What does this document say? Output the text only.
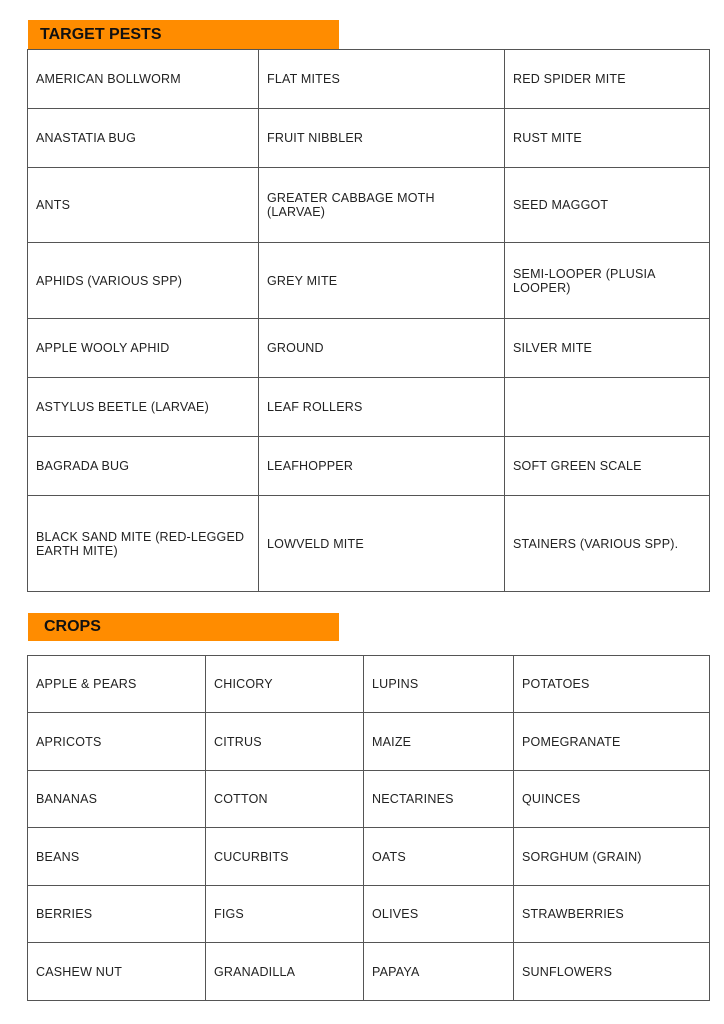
TARGET PESTS
AMERICAN BOLLWORM	FLAT MITES	RED SPIDER MITE
ANASTATIA BUG	FRUIT NIBBLER	RUST MITE
ANTS	GREATER CABBAGE MOTH (LARVAE)	SEED MAGGOT
APHIDS (VARIOUS SPP)	GREY MITE	SEMI-LOOPER (PLUSIA LOOPER)
APPLE WOOLY APHID	GROUND	SILVER MITE
ASTYLUS BEETLE (LARVAE)	LEAF ROLLERS	
BAGRADA BUG	LEAFHOPPER	SOFT GREEN SCALE
BLACK SAND MITE (RED-LEGGED EARTH MITE)	LOWVELD MITE	STAINERS (VARIOUS SPP).
CROPS
APPLE & PEARS	CHICORY	LUPINS	POTATOES
APRICOTS	CITRUS	MAIZE	POMEGRANATE
BANANAS	COTTON	NECTARINES	QUINCES
BEANS	CUCURBITS	OATS	SORGHUM (GRAIN)
BERRIES	FIGS	OLIVES	STRAWBERRIES
CASHEW NUT	GRANADILLA	PAPAYA	SUNFLOWERS
